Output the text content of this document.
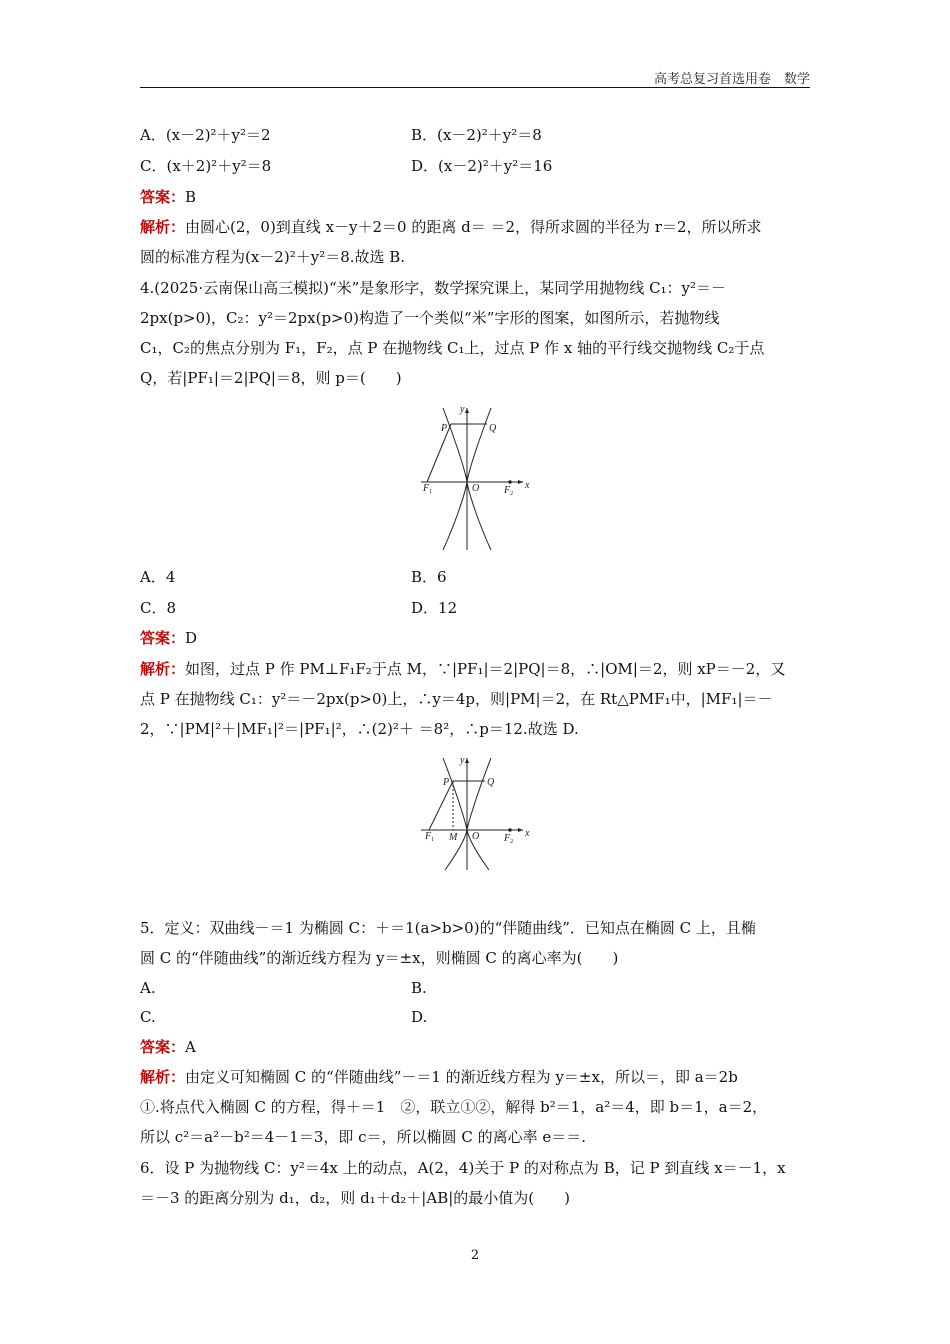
高考总复习首选用卷　数学
A．(x－2)²＋y²＝2	B．(x－2)²＋y²＝8
C．(x＋2)²＋y²＝8	D．(x－2)²＋y²＝16
答案：B
解析：由圆心(2，0)到直线 x－y＋2＝0 的距离 d＝ ＝2，得所求圆的半径为 r＝2，所以所求
圆的标准方程为(x－2)²＋y²＝8.故选 B.
4.(2025·云南保山高三模拟)“米”是象形字，数学探究课上，某同学用抛物线 C₁：y²＝－
2px(p>0)，C₂：y²＝2px(p>0)构造了一个类似“米”字形的图案，如图所示，若抛物线
C₁，C₂的焦点分别为 F₁，F₂，点 P 在抛物线 C₁上，过点 P 作 x 轴的平行线交抛物线 C₂于点
Q，若|PF₁|＝2|PQ|＝8，则 p＝(　　)
y
x
P	Q
O
$F_1$	$F_2$
A．4	B．6
C．8	D．12
答案：D
解析：如图，过点 P 作 PM⊥F₁F₂于点 M，∵|PF₁|＝2|PQ|＝8，∴|OM|＝2，则 xP＝－2，又
点 P 在抛物线 C₁：y²＝－2px(p>0)上，∴y＝4p，则|PM|＝2，在 Rt△PMF₁中，|MF₁|＝－
2，∵|PM|²＋|MF₁|²＝|PF₁|²，∴(2)²＋ ＝8²，∴p＝12.故选 D.
y
x
P	Q
O
M
$F_1$	$F_2$
5．定义：双曲线－＝1 为椭圆 C：＋＝1(a>b>0)的“伴随曲线”．已知点在椭圆 C 上，且椭
圆 C 的“伴随曲线”的渐近线方程为 y＝±x，则椭圆 C 的离心率为(　　)
A.	B.
C.	D.
答案：A
解析：由定义可知椭圆 C 的“伴随曲线”－＝1 的渐近线方程为 y＝±x，所以＝，即 a＝2b
①.将点代入椭圆 C 的方程，得＋＝1　②，联立①②，解得 b²＝1，a²＝4，即 b＝1，a＝2，
所以 c²＝a²－b²＝4－1＝3，即 c＝，所以椭圆 C 的离心率 e＝＝.
6．设 P 为抛物线 C：y²＝4x 上的动点，A(2，4)关于 P 的对称点为 B，记 P 到直线 x＝－1，x
＝－3 的距离分别为 d₁，d₂，则 d₁＋d₂＋|AB|的最小值为(　　)
2
